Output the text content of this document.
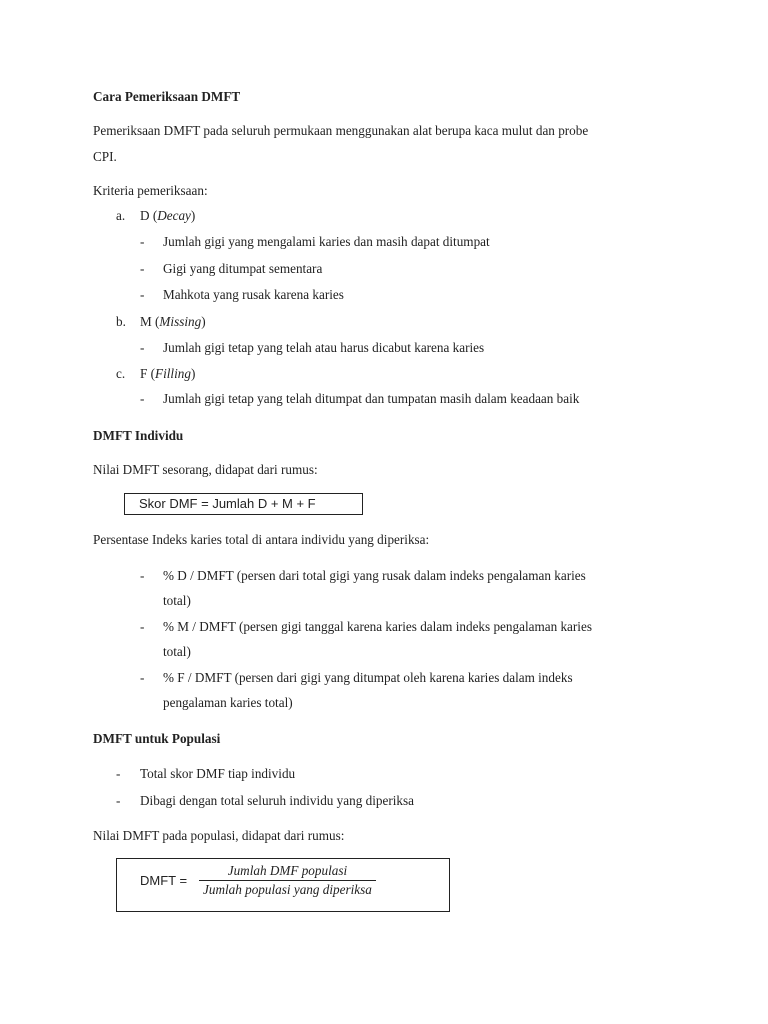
Cara Pemeriksaan DMFT
Pemeriksaan DMFT pada seluruh permukaan menggunakan alat berupa kaca mulut dan probe
CPI.
Kriteria pemeriksaan:
a. D (Decay)
- Jumlah gigi yang mengalami karies dan masih dapat ditumpat
- Gigi yang ditumpat sementara
- Mahkota yang rusak karena karies
b. M (Missing)
- Jumlah gigi tetap yang telah atau harus dicabut karena karies
c. F (Filling)
- Jumlah gigi tetap yang telah ditumpat dan tumpatan masih dalam keadaan baik
DMFT Individu
Nilai DMFT sesorang, didapat dari rumus:
Skor DMF = Jumlah D + M + F
Persentase Indeks karies total di antara individu yang diperiksa:
- % D / DMFT (persen dari total gigi yang rusak dalam indeks pengalaman karies
total)
- % M / DMFT (persen gigi tanggal karena karies dalam indeks pengalaman karies
total)
- % F / DMFT (persen dari gigi yang ditumpat oleh karena karies dalam indeks
pengalaman karies total)
DMFT untuk Populasi
- Total skor DMF tiap individu
- Dibagi dengan total seluruh individu yang diperiksa
Nilai DMFT pada populasi, didapat dari rumus:
DMFT =
Jumlah DMF populasi
Jumlah populasi yang diperiksa
